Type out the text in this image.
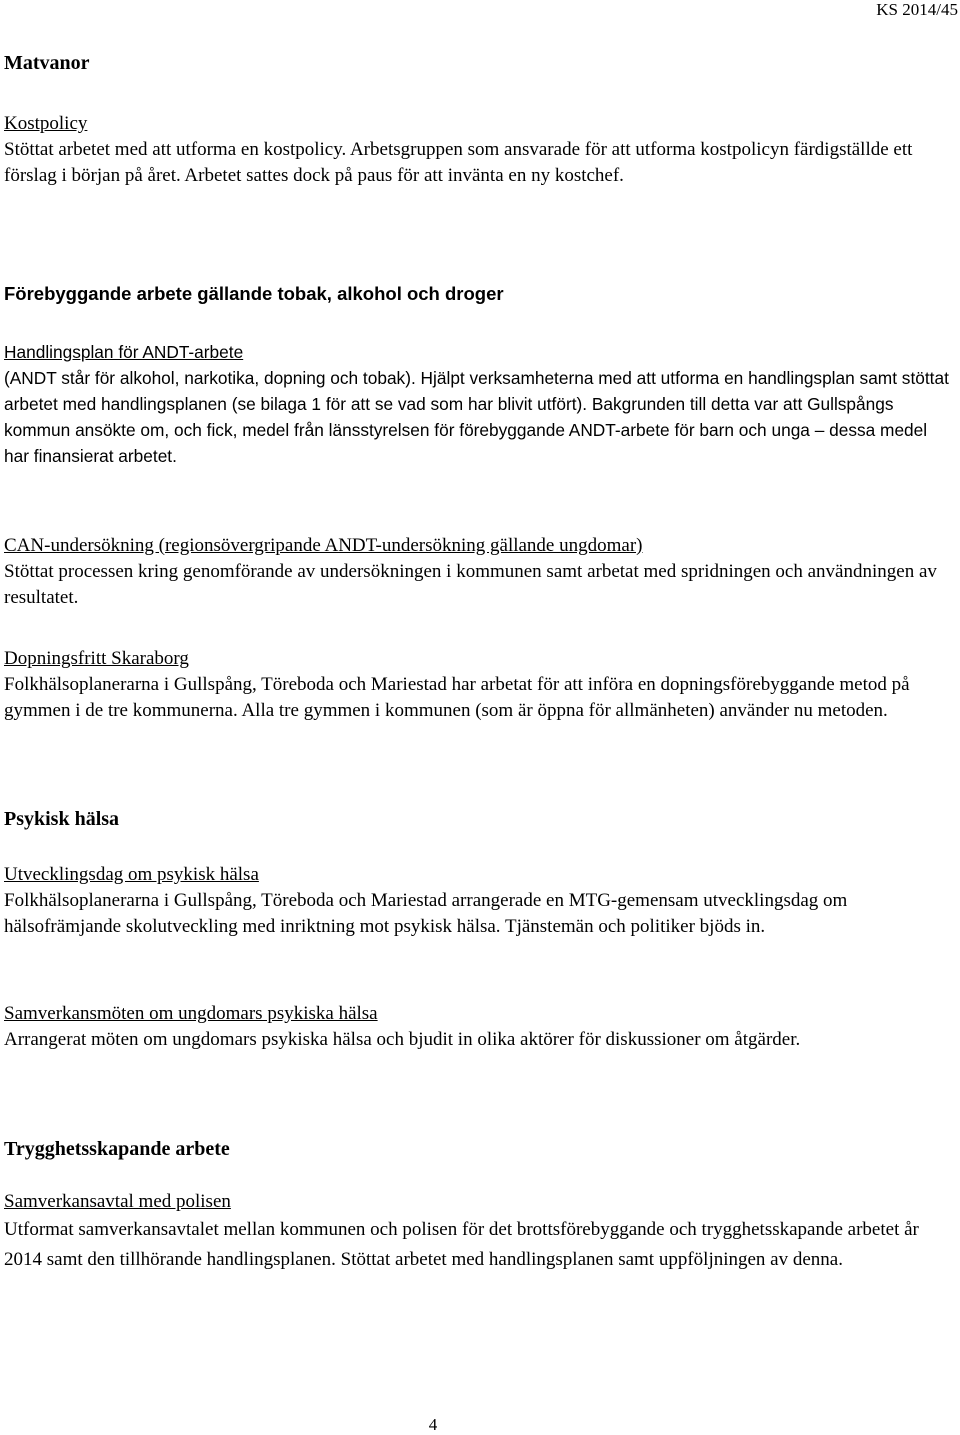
KS 2014/45
Matvanor
Kostpolicy

Stöttat arbetet med att utforma en kostpolicy. Arbetsgruppen som ansvarade för att utforma kostpolicyn färdigställde ett förslag i början på året. Arbetet sattes dock på paus för att invänta en ny kostchef.

Förebyggande arbete gällande tobak, alkohol och droger
Handlingsplan för ANDT-arbete

(ANDT står för alkohol, narkotika, dopning och tobak). Hjälpt verksamheterna med att utforma en handlingsplan samt stöttat arbetet med handlingsplanen (se bilaga 1 för att se vad som har blivit utfört). Bakgrunden till detta var att Gullspångs kommun ansökte om, och fick, medel från länsstyrelsen för förebyggande ANDT-arbete för barn och unga – dessa medel har finansierat arbetet.

CAN-undersökning (regionsövergripande ANDT-undersökning gällande ungdomar)

Stöttat processen kring genomförande av undersökningen i kommunen samt arbetat med spridningen och användningen av resultatet.

Dopningsfritt Skaraborg

Folkhälsoplanerarna i Gullspång, Töreboda och Mariestad har arbetat för att införa en dopningsförebyggande metod på gymmen i de tre kommunerna. Alla tre gymmen i kommunen (som är öppna för allmänheten) använder nu metoden.

Psykisk hälsa
Utvecklingsdag om psykisk hälsa

Folkhälsoplanerarna i Gullspång, Töreboda och Mariestad arrangerade en MTG-gemensam utvecklingsdag om hälsofrämjande skolutveckling med inriktning mot psykisk hälsa. Tjänstemän och politiker bjöds in.

Samverkansmöten om ungdomars psykiska hälsa

Arrangerat möten om ungdomars psykiska hälsa och bjudit in olika aktörer för diskussioner om åtgärder.

Trygghetsskapande arbete
Samverkansavtal med polisen

Utformat samverkansavtalet mellan kommunen och polisen för det brottsförebyggande och trygghetsskapande arbetet år 2014 samt den tillhörande handlingsplanen. Stöttat arbetet med handlingsplanen samt uppföljningen av denna.

4
